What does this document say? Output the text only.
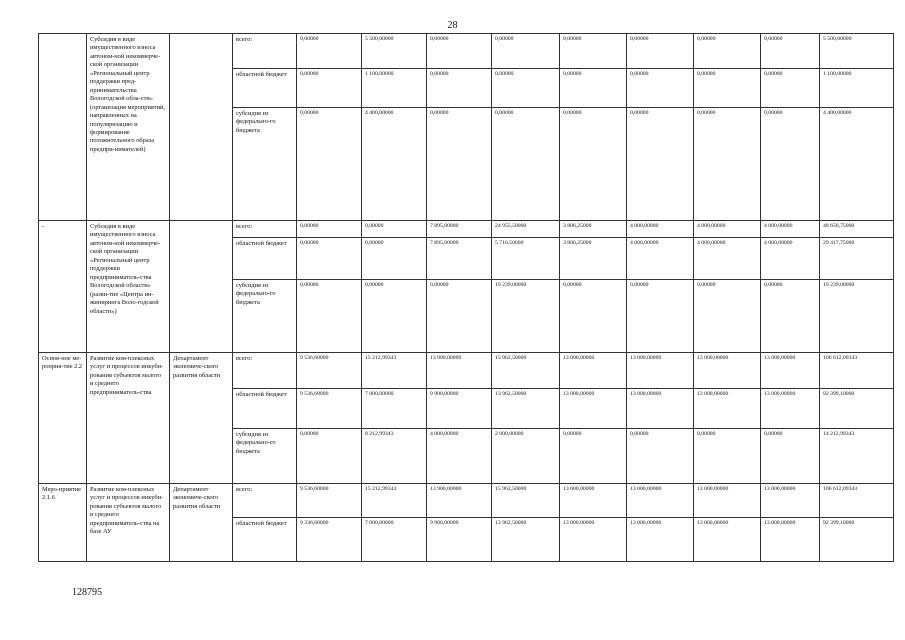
28
	Субсидия в виде имущественного взноса автоном-ной некоммерче-ской организации «Региональный центр поддержки пред-принимательства Вологодской обла-сти» (организация мероприятий, направленных на популяризацию и формирование положительного образа предпри-нимателей)		всего:	0,00000	5 500,00000	0,00000	0,00000	0,00000	0,00000	0,00000	0,00000	5 500,00000
			областной бюджет	0,00000	1 100,00000	0,00000	0,00000	0,00000	0,00000	0,00000	0,00000	1 100,00000
			субсидия из федерально-го бюджета	0,00000	4 400,00000	0,00000	0,00000	0,00000	0,00000	0,00000	0,00000	4 400,00000
-	Субсидия в виде имущественного взноса автоном-ной некоммерче-ской организации «Региональный центр поддержки предприниматель-ства Вологодской области» (разви-тие «Центра ин-жиниринга Воло-годской области»)		всего:	0,00000	0,00000	7 895,00000	24 955,50000	3 806,25000	4 000,00000	4 000,00000	4 000,00000	48 656,75000
			областной бюджет	0,00000	0,00000	7 895,00000	5 716,50000	3 806,25000	4 000,00000	4 000,00000	4 000,00000	29 417,75000
			субсидия из федерально-го бюджета	0,00000	0,00000	0,00000	19 239,00000	0,00000	0,00000	0,00000	0,00000	19 239,00000
Основ-ное ме-роприя-тие 2.2	Развитие ком-плексных услуг и процессов инкуби-рования субъектов малого и среднего предприниматель-ства	Департамент экономиче-ского развития области	всего:	9 536,60000	15 212,99343	13 900,00000	15 962,50000	13 000,00000	13 000,00000	13 000,00000	13 000,00000	106 612,09343
			областной бюджет	9 536,60000	7 000,00000	9 900,00000	13 962,50000	13 000,00000	13 000,00000	13 000,00000	13 000,00000	92 399,10000
			субсидия из федерально-го бюджета	0,00000	8 212,99343	4 000,00000	2 000,00000	0,00000	0,00000	0,00000	0,00000	14 212,99343
Меро-приятие 2.1.6	Развитие ком-плексных услуг и процессов инкуби-рования субъектов малого и среднего предприниматель-ства на базе АУ	Департамент экономиче-ского развития области	всего:	9 536,60000	15 212,99343	13 900,00000	15 962,50000	13 000,00000	13 000,00000	13 000,00000	13 000,00000	106 612,09343
			областной бюджет	9 336,60000	7 000,00000	9 900,00000	13 962,50000	13 000,00000	13 000,00000	13 000,00000	13 000,00000	92 399,10000
128795
